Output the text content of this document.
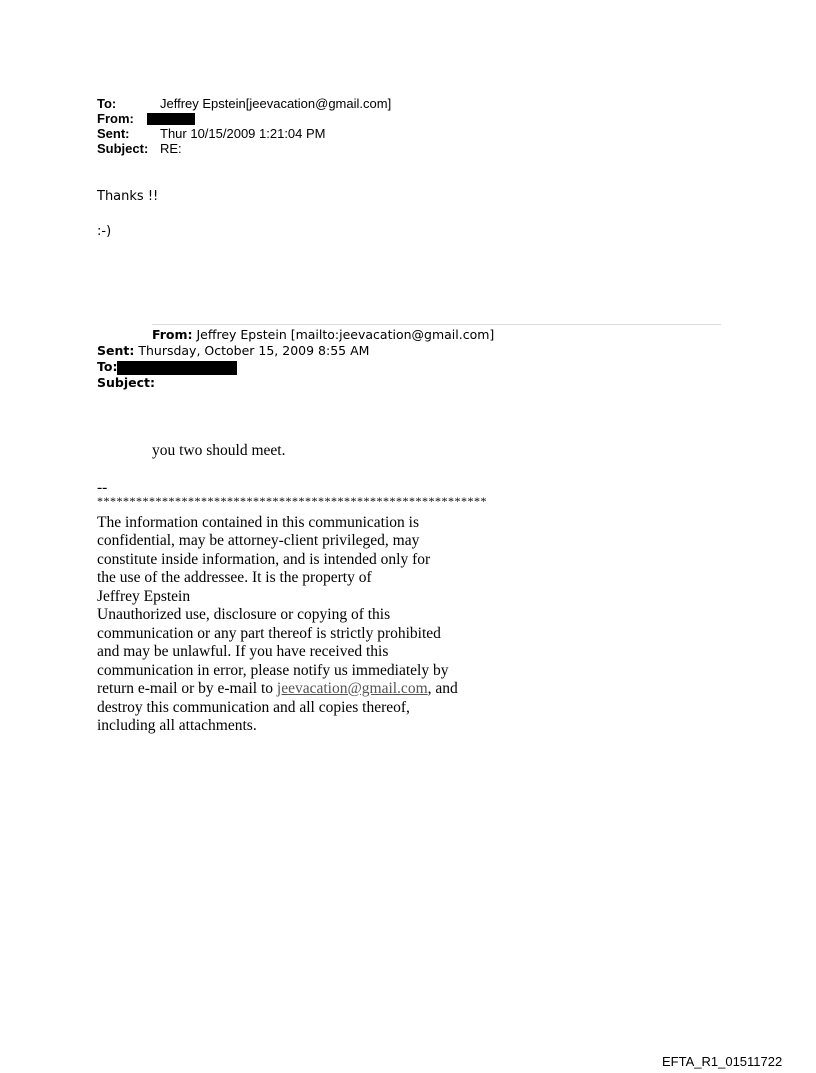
To:	Jeffrey Epstein[jeevacation@gmail.com]
From:
Sent: Thur 10/15/2009 1:21:04 PM
Subject: RE:
Thanks !!
:-)
From: Jeffrey Epstein [mailto:jeevacation@gmail.com]
Sent: Thursday, October 15, 2009 8:55 AM
To:
Subject:
you two should meet.
--
************************************************************
The information contained in this communication is
confidential, may be attorney-client privileged, may
constitute inside information, and is intended only for
the use of the addressee. It is the property of
Jeffrey Epstein
Unauthorized use, disclosure or copying of this
communication or any part thereof is strictly prohibited
and may be unlawful. If you have received this
communication in error, please notify us immediately by
return e-mail or by e-mail to jeevacation@gmail.com, and
destroy this communication and all copies thereof,
including all attachments.
EFTA_R1_01511722
